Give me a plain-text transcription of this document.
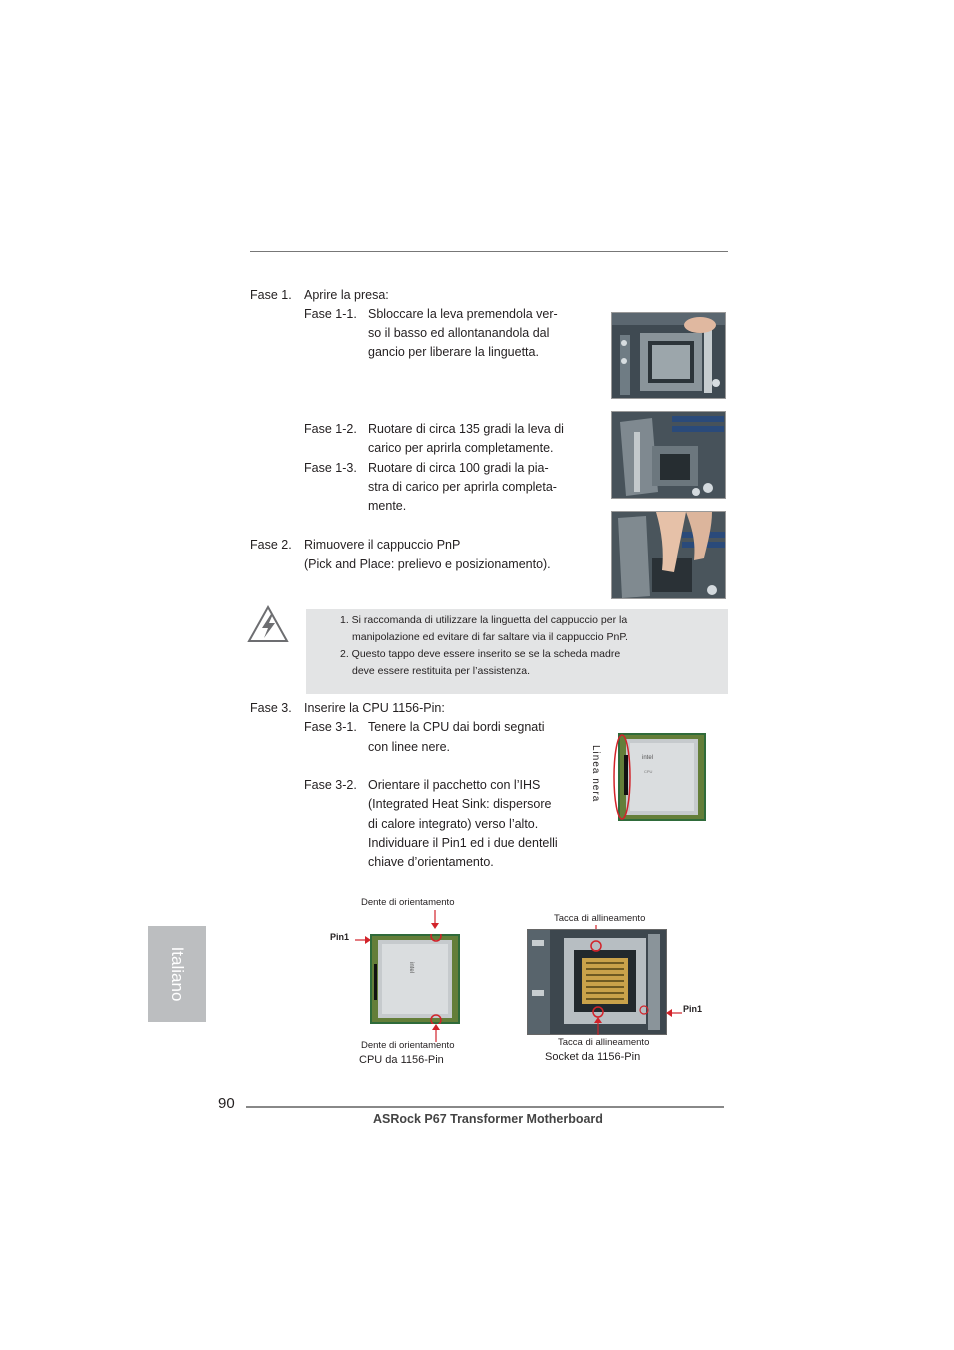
Fase 1. Aprire la presa:
Fase 1-1. Sbloccare la leva premendola ver-
so il basso ed allontanandola dal
gancio per liberare la linguetta.
Fase 1-2. Ruotare di circa 135 gradi la leva di
carico per aprirla completamente.
Fase 1-3. Ruotare di circa 100 gradi la pia-
stra di carico per aprirla completa-
mente.
Fase 2. Rimuovere il cappuccio PnP
(Pick and Place: prelievo e posizionamento).
1. Si raccomanda di utilizzare la linguetta del cappuccio per la
manipolazione ed evitare di far saltare via il cappuccio PnP.
2. Questo tappo deve essere inserito se se la scheda madre
deve essere restituita per l’assistenza.
Fase 3. Inserire la CPU 1156-Pin:
Fase 3-1. Tenere la CPU dai bordi segnati
con linee nere.
Fase 3-2. Orientare il pacchetto con l’IHS
(Integrated Heat Sink: dispersore
di calore integrato) verso l’alto.
Individuare il Pin1 ed i due dentelli
chiave d’orientamento.
Linea nera	intel
CPU
Dente di orientamento
Pin1
intel
Dente di orientamento
CPU da 1156-Pin
Tacca di allineamento
Pin1
Tacca di allineamento
Socket da 1156-Pin
Italiano
90
ASRock P67 Transformer Motherboard
